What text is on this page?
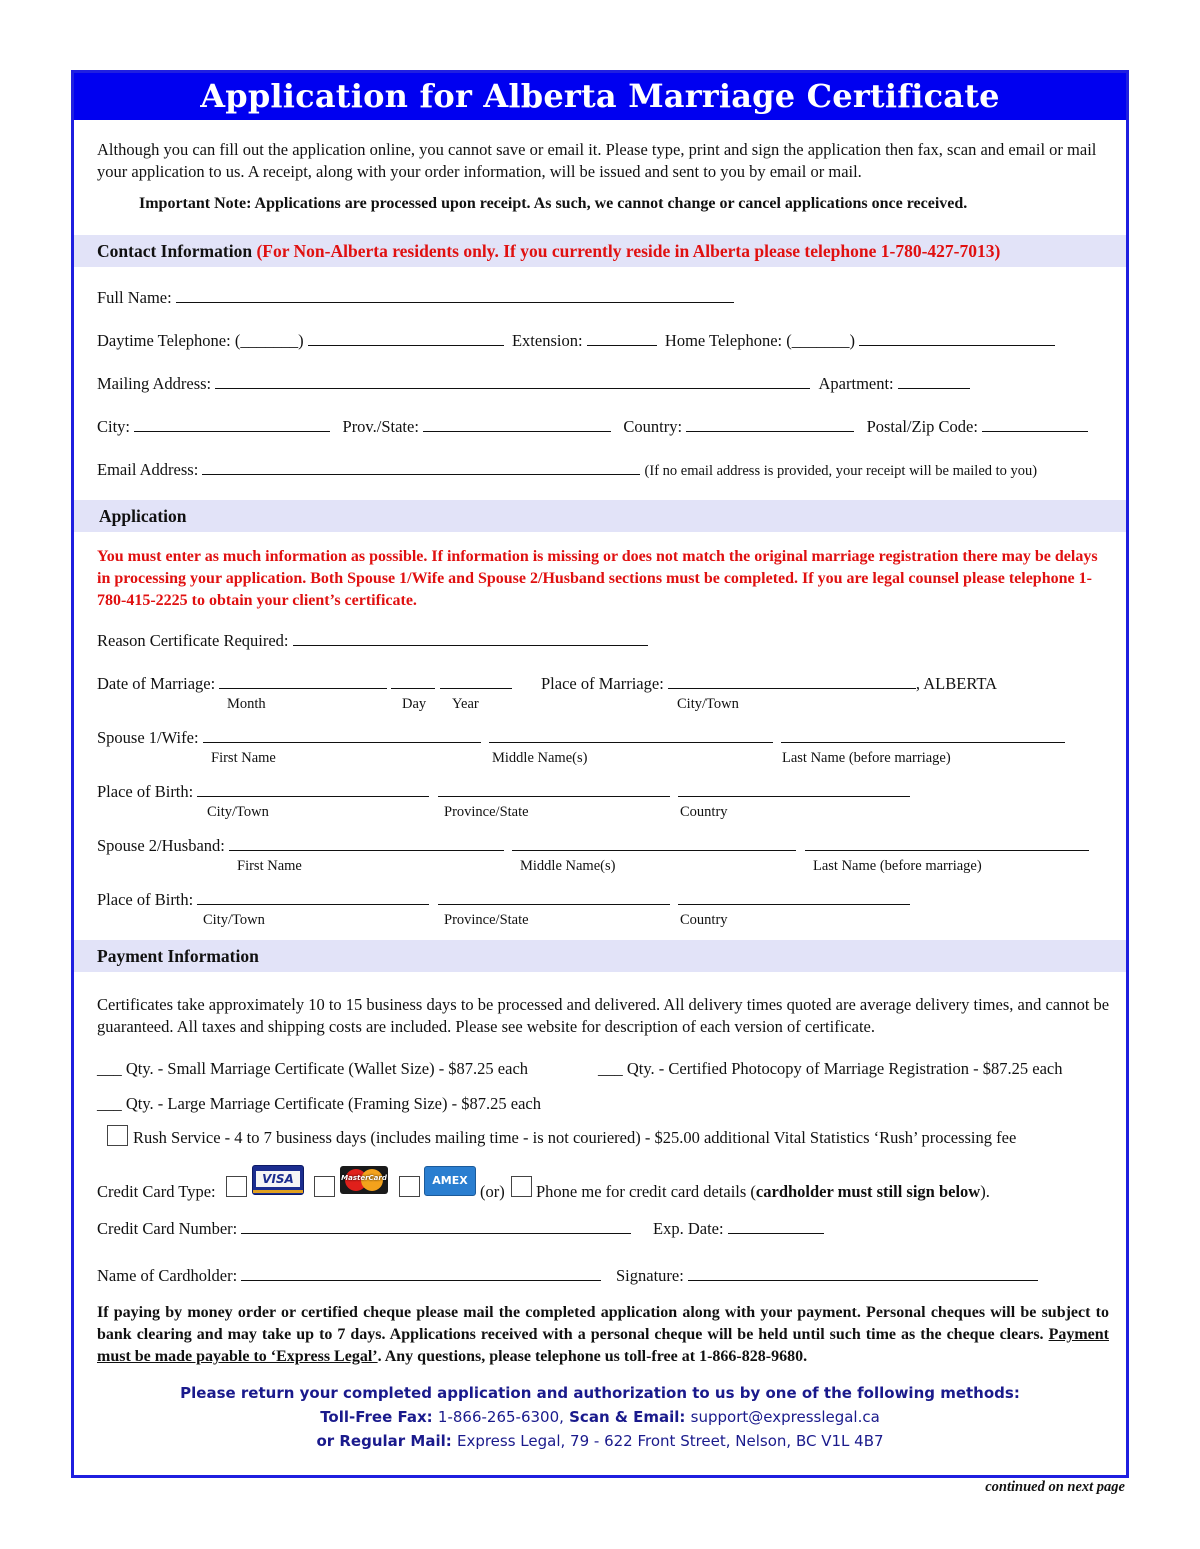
Application for Alberta Marriage Certificate
Although you can fill out the application online, you cannot save or email it. Please type, print and sign the application then fax, scan and email or mail your application to us. A receipt, along with your order information, will be issued and sent to you by email or mail.
Important Note: Applications are processed upon receipt. As such, we cannot change or cancel applications once received.
Contact Information (For Non-Alberta residents only. If you currently reside in Alberta please telephone 1-780-427-7013)
Full Name:
Daytime Telephone: (_______)	Extension:	Home Telephone: (_______)
Mailing Address:	Apartment:
City:	Prov./State:	Country:	Postal/Zip Code:
Email Address:	(If no email address is provided, your receipt will be mailed to you)
Application
You must enter as much information as possible. If information is missing or does not match the original marriage registration there may be delays in processing your application. Both Spouse 1/Wife and Spouse 2/Husband sections must be completed. If you are legal counsel please telephone 1-780-415-2225 to obtain your client’s certificate.
Reason Certificate Required:
Date of Marriage:	Place of Marriage:	, ALBERTA
Month	Day Year	City/Town
Spouse 1/Wife:
First Name	Middle Name(s)	Last Name (before marriage)
Place of Birth:
City/Town	Province/State	Country
Spouse 2/Husband:
First Name	Middle Name(s)	Last Name (before marriage)
Place of Birth:
City/Town	Province/State	Country
Payment Information
Certificates take approximately 10 to 15 business days to be processed and delivered. All delivery times quoted are average delivery times, and cannot be guaranteed. All taxes and shipping costs are included. Please see website for description of each version of certificate.
___ Qty. - Small Marriage Certificate (Wallet Size) - $87.25 each	___ Qty. - Certified Photocopy of Marriage Registration - $87.25 each
___ Qty. - Large Marriage Certificate (Framing Size) - $87.25 each
Rush Service - 4 to 7 business days (includes mailing time - is not couriered) - $25.00 additional Vital Statistics ‘Rush’ processing fee
Credit Card Type:
VISA	MasterCard	AMEX
(or) Phone me for credit card details (cardholder must still sign below).
Credit Card Number:	Exp. Date:
Name of Cardholder:	Signature:
If paying by money order or certified cheque please mail the completed application along with your payment. Personal cheques will be subject to bank clearing and may take up to 7 days. Applications received with a personal cheque will be held until such time as the cheque clears. Payment must be made payable to ‘Express Legal’. Any questions, please telephone us toll-free at 1-866-828-9680.
Please return your completed application and authorization to us by one of the following methods:
Toll-Free Fax: 1-866-265-6300, Scan & Email: support@expresslegal.ca
or Regular Mail: Express Legal, 79 - 622 Front Street, Nelson, BC V1L 4B7
continued on next page
